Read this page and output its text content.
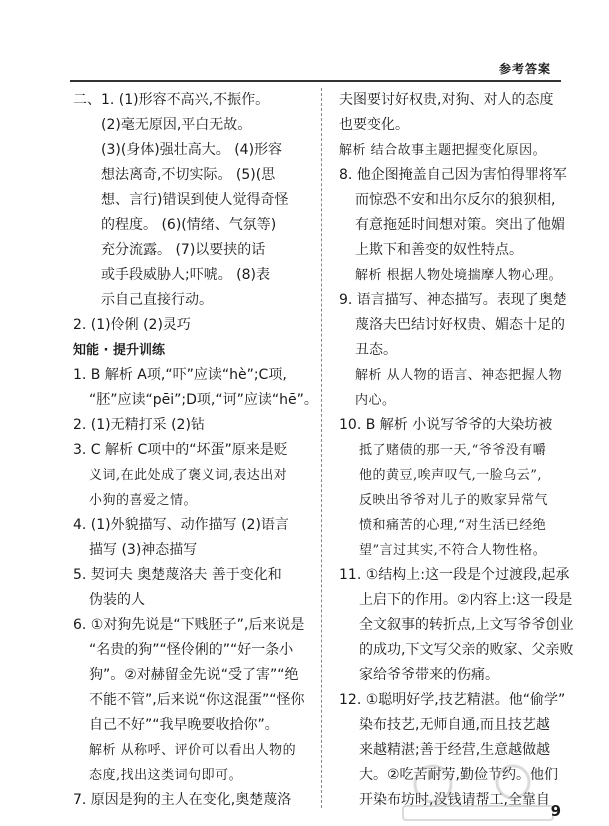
参考答案

二、1. (1)形容不高兴,不振作。

(2)毫无原因,平白无故。

(3)(身体)强壮高大。 (4)形容

想法离奇,不切实际。 (5)(思

想、言行)错误到使人觉得奇怪

的程度。 (6)(情绪、气氛等)

充分流露。 (7)以要挟的话

或手段威胁人;吓唬。 (8)表

示自己直接行动。

2. (1)伶俐 (2)灵巧

知能 · 提升训练

1. B 解析 A项,“吓”应读“hè”;C项,

“胚”应读“pēi”;D项,“诃”应读“hē”。

2. (1)无精打采 (2)钻

3. C 解析 C项中的“坏蛋”原来是贬

义词,在此处成了褒义词,表达出对

小狗的喜爱之情。

4. (1)外貌描写、动作描写 (2)语言

描写 (3)神态描写

5. 契诃夫 奥楚蔑洛夫 善于变化和

伪装的人

6. ①对狗先说是“下贱胚子”,后来说是

“名贵的狗”“怪伶俐的”“好一条小

狗”。②对赫留金先说“受了害”“绝

不能不管”,后来说“你这混蛋”“怪你

自己不好”“我早晚要收拾你”。

解析 从称呼、评价可以看出人物的

态度,找出这类词句即可。

7. 原因是狗的主人在变化,奥楚蔑洛

夫图要讨好权贵,对狗、对人的态度

也要变化。

解析 结合故事主题把握变化原因。

8. 他企图掩盖自己因为害怕得罪将军

而惊恐不安和出尔反尔的狼狈相,

有意拖延时间想对策。突出了他媚

上欺下和善变的奴性特点。

解析 根据人物处境揣摩人物心理。

9. 语言描写、神态描写。表现了奥楚

蔑洛夫巴结讨好权贵、媚态十足的

丑态。

解析 从人物的语言、神态把握人物

内心。

10. B 解析 小说写爷爷的大染坊被

抵了赌债的那一天,“爷爷没有嚼

他的黄豆,唉声叹气,一脸乌云”,

反映出爷爷对儿子的败家异常气

愤和痛苦的心理,“对生活已经绝

望”言过其实,不符合人物性格。

11. ①结构上:这一段是个过渡段,起承

上启下的作用。②内容上:这一段是

全文叙事的转折点,上文写爷爷创业

的成功,下文写父亲的败家、父亲败

家给爷爷带来的伤痛。

12. ①聪明好学,技艺精湛。他“偷学”

染布技艺,无师自通,而且技艺越

来越精湛;善于经营,生意越做越

大。②吃苦耐劳,勤俭节约。他们

开染布坊时,没钱请帮工,全靠自

9
